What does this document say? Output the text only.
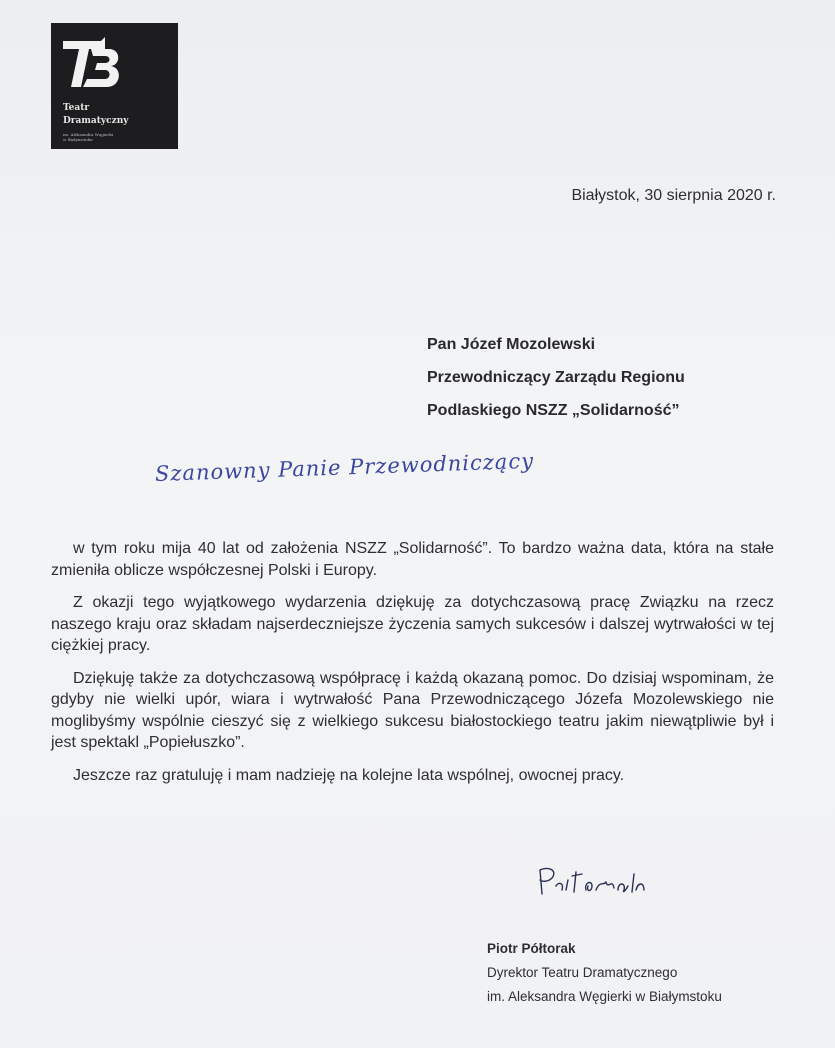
Teatr
Dramatyczny
im. Aleksandra Węgierki
w Białymstoku
Białystok, 30 sierpnia 2020 r.
Pan Józef Mozolewski
Przewodniczący Zarządu Regionu
Podlaskiego NSZZ „Solidarność”
Szanowny Panie Przewodniczący

w tym roku mija 40 lat od założenia NSZZ „Solidarność”. To bardzo ważna data, która na stałe zmieniła oblicze współczesnej Polski i Europy.

Z okazji tego wyjątkowego wydarzenia dziękuję za dotychczasową pracę Związku na rzecz naszego kraju oraz składam najserdeczniejsze życzenia samych sukcesów i dalszej wytrwałości w tej ciężkiej pracy.

Dziękuję także za dotychczasową współpracę i każdą okazaną pomoc. Do dzisiaj wspominam, że gdyby nie wielki upór, wiara i wytrwałość Pana Przewodniczącego Józefa Mozolewskiego nie moglibyśmy wspólnie cieszyć się z wielkiego sukcesu białostockiego teatru jakim niewątpliwie był i jest spektakl „Popiełuszko”.

Jeszcze raz gratuluję i mam nadzieję na kolejne lata wspólnej, owocnej pracy.

Piotr Półtorak
Dyrektor Teatru Dramatycznego
im. Aleksandra Węgierki w Białymstoku
